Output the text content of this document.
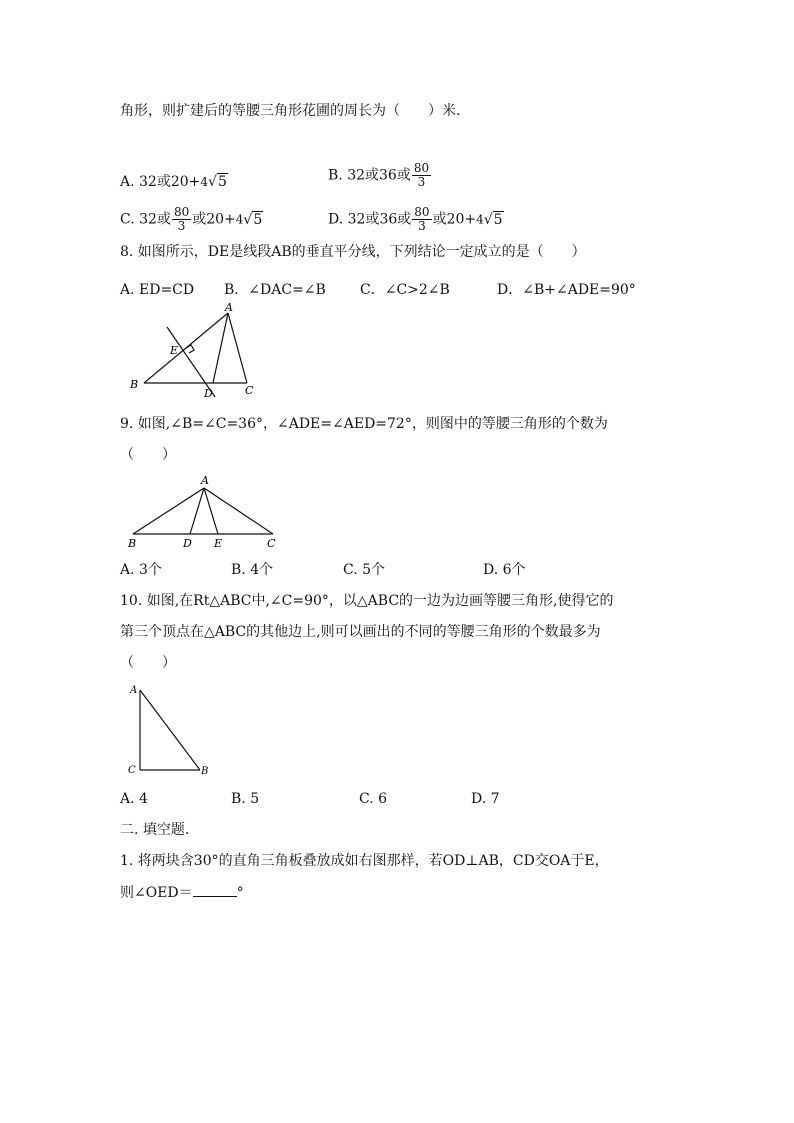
角形，则扩建后的等腰三角形花圃的周长为（　　）米.
A. 32或20+4√5	B. 32或36或 $\frac{80}{3}$
C. 32或 $\frac{80}{3}$ 或20+4√5	D. 32或36或 $\frac{80}{3}$ 或20+4√5
8. 如图所示，DE是线段AB的垂直平分线，下列结论一定成立的是（　　）
A. ED=CD B．∠DAC=∠B C．∠C>2∠B	D．∠B+∠ADE=90°
A
B	C
D
E
9. 如图,∠B=∠C=36°，∠ADE=∠AED=72°，则图中的等腰三角形的个数为
（　　）
A
B	D E	C
A. 3个	B. 4个	C. 5个	D. 6个
10. 如图,在Rt△ABC中,∠C=90°，以△ABC的一边为边画等腰三角形,使得它的
第三个顶点在△ABC的其他边上,则可以画出的不同的等腰三角形的个数最多为
（　　）
A
C	B
A. 4	B. 5	C. 6	D. 7
二. 填空题.
1. 将两块含30°的直角三角板叠放成如右图那样，若OD⊥AB，CD交OA于E，
则∠OED＝	°
